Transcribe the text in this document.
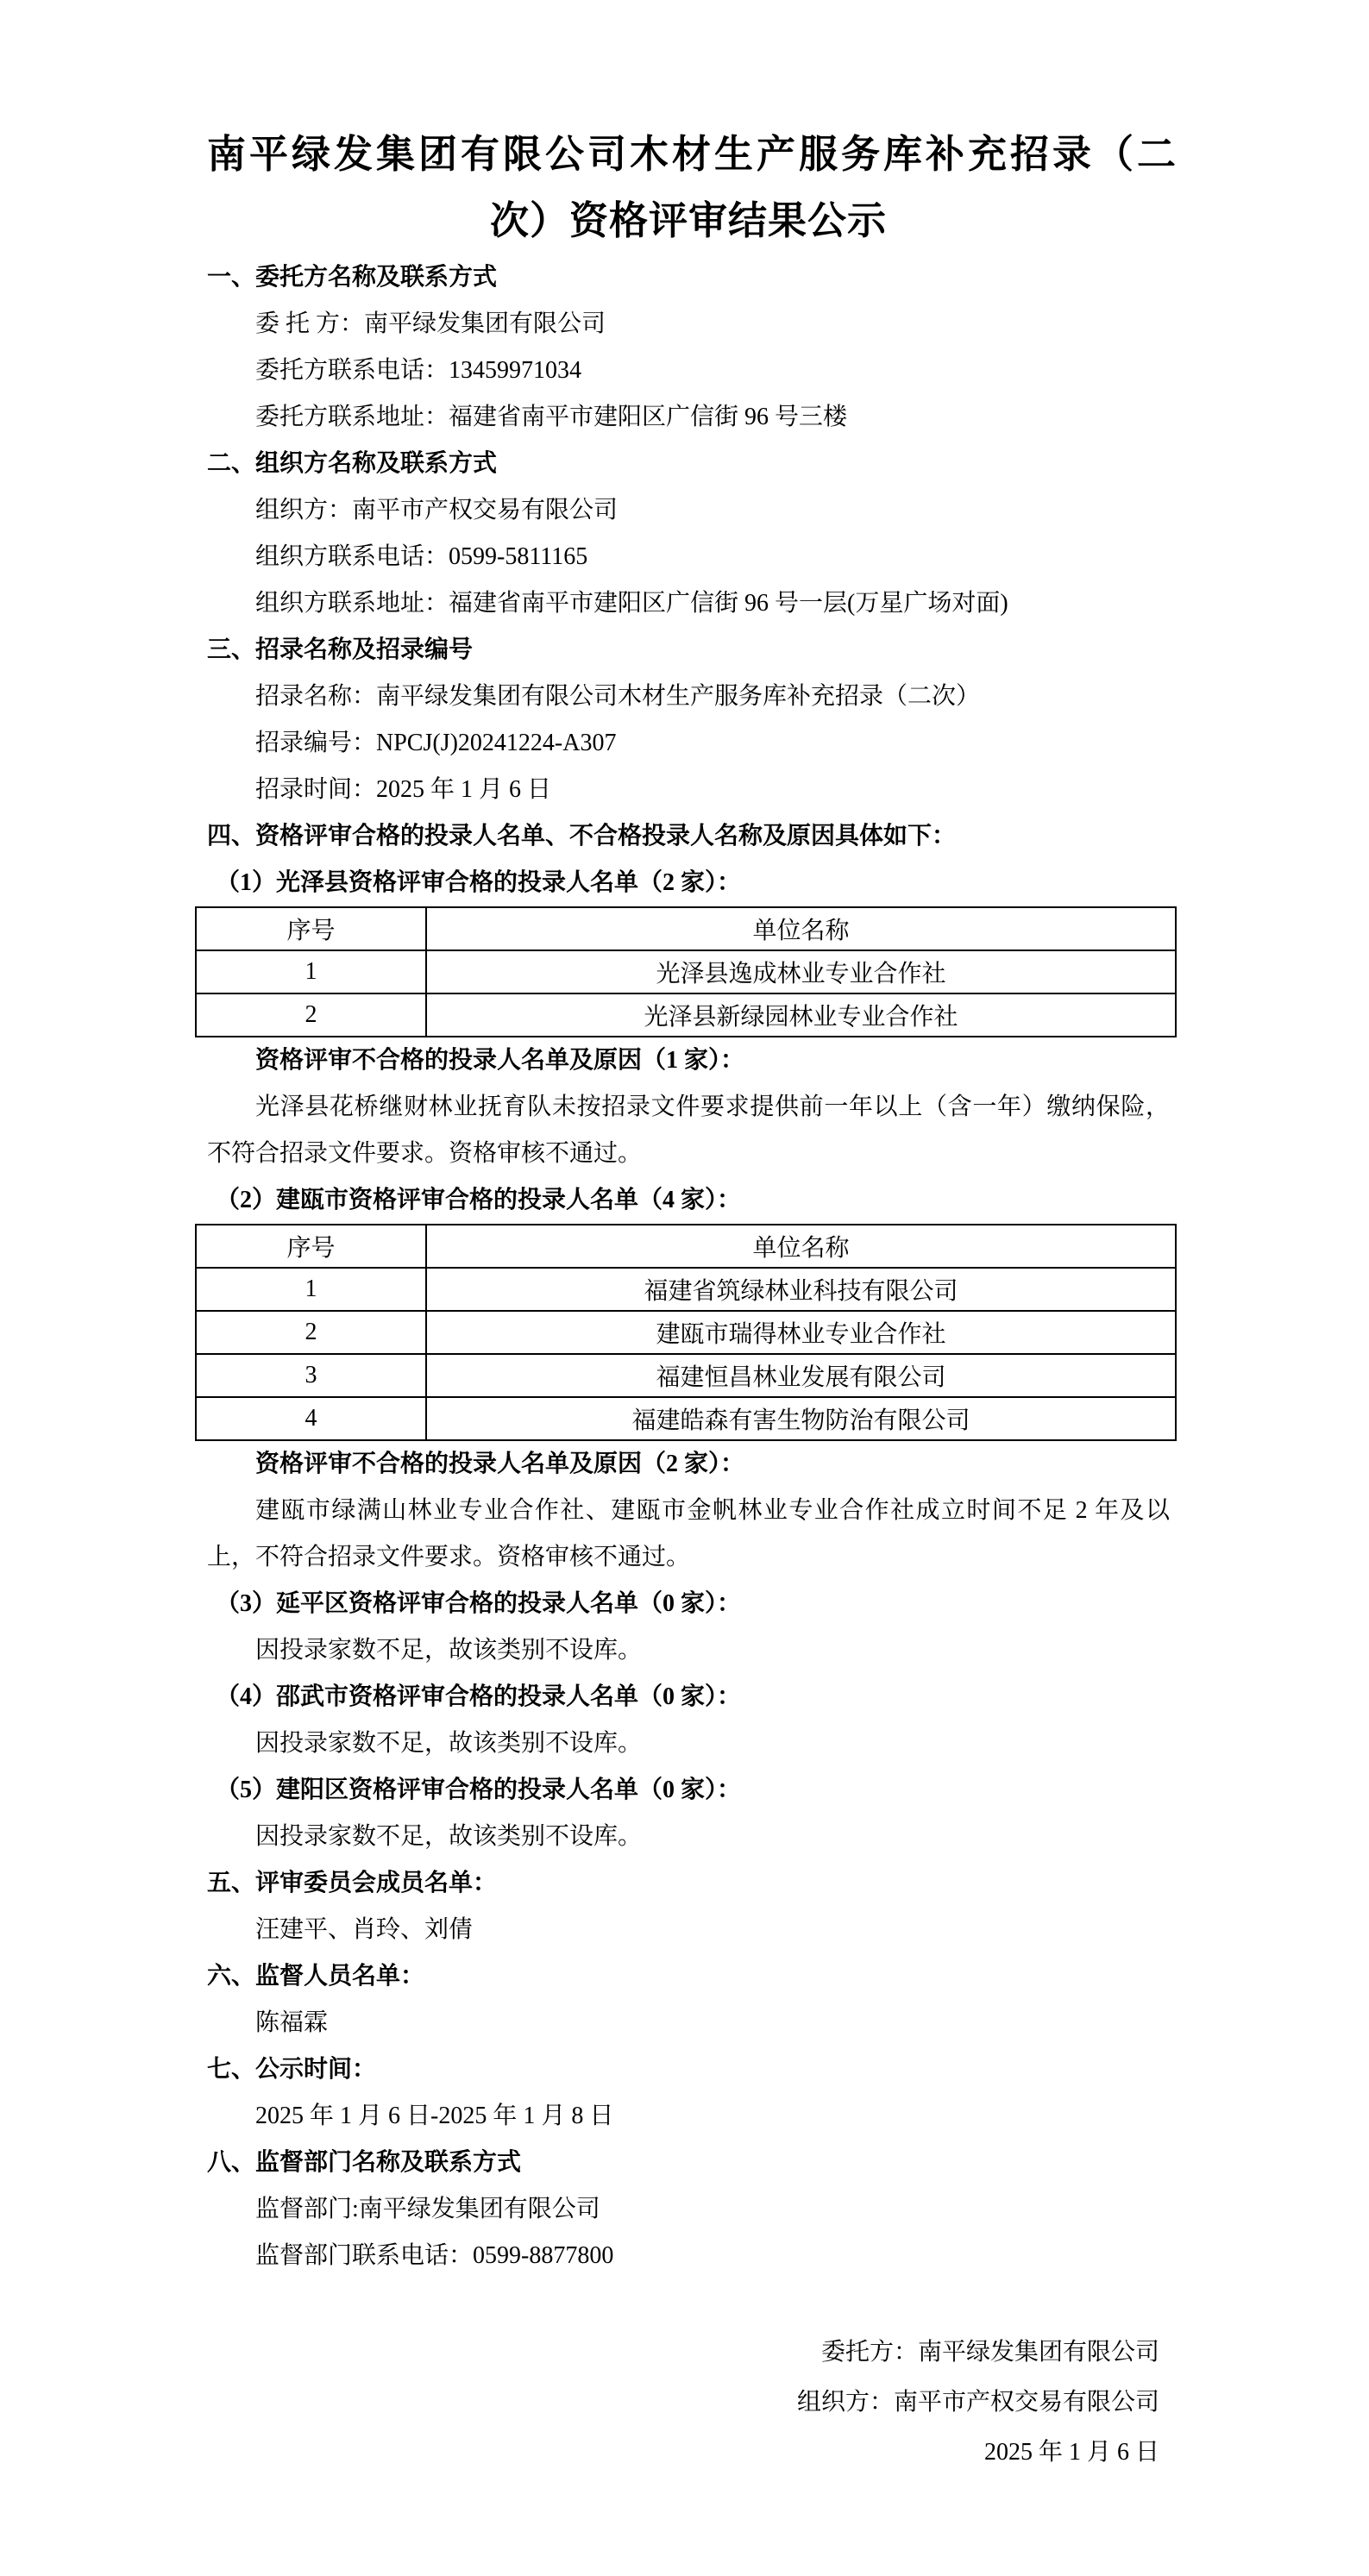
南平绿发集团有限公司木材生产服务库补充招录（二
次）资格评审结果公示
一、委托方名称及联系方式
委 托 方：南平绿发集团有限公司
委托方联系电话：13459971034
委托方联系地址：福建省南平市建阳区广信街 96 号三楼
二、组织方名称及联系方式
组织方：南平市产权交易有限公司
组织方联系电话：0599-5811165
组织方联系地址：福建省南平市建阳区广信街 96 号一层(万星广场对面)
三、招录名称及招录编号
招录名称：南平绿发集团有限公司木材生产服务库补充招录（二次）
招录编号：NPCJ(J)20241224-A307
招录时间：2025 年 1 月 6 日
四、资格评审合格的投录人名单、不合格投录人名称及原因具体如下：
（1）光泽县资格评审合格的投录人名单（2 家）：
序号	单位名称
1	光泽县逸成林业专业合作社
2	光泽县新绿园林业专业合作社
资格评审不合格的投录人名单及原因（1 家）：
光泽县花桥继财林业抚育队未按招录文件要求提供前一年以上（含一年）缴纳保险，不符合招录文件要求。资格审核不通过。
（2）建瓯市资格评审合格的投录人名单（4 家）：
序号	单位名称
1	福建省筑绿林业科技有限公司
2	建瓯市瑞得林业专业合作社
3	福建恒昌林业发展有限公司
4	福建皓森有害生物防治有限公司
资格评审不合格的投录人名单及原因（2 家）：
建瓯市绿满山林业专业合作社、建瓯市金帆林业专业合作社成立时间不足 2 年及以上，不符合招录文件要求。资格审核不通过。
（3）延平区资格评审合格的投录人名单（0 家）：
因投录家数不足，故该类别不设库。
（4）邵武市资格评审合格的投录人名单（0 家）：
因投录家数不足，故该类别不设库。
（5）建阳区资格评审合格的投录人名单（0 家）：
因投录家数不足，故该类别不设库。
五、评审委员会成员名单：
汪建平、肖玲、刘倩
六、监督人员名单：
陈福霖
七、公示时间：
2025 年 1 月 6 日-2025 年 1 月 8 日
八、监督部门名称及联系方式
监督部门:南平绿发集团有限公司
监督部门联系电话：0599-8877800
委托方：南平绿发集团有限公司
组织方：南平市产权交易有限公司
2025 年 1 月 6 日
